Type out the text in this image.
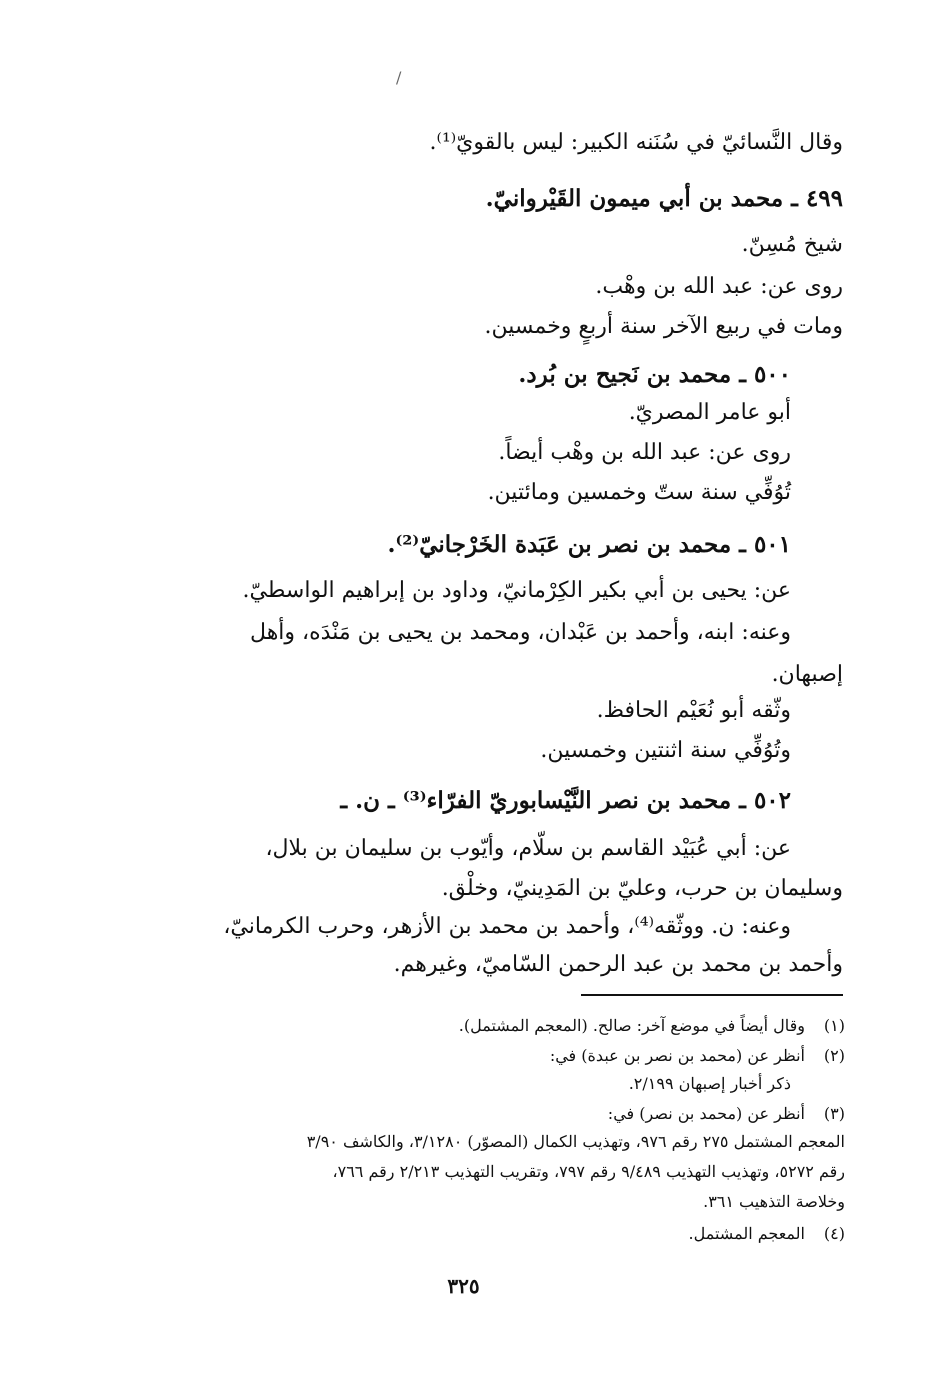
/
وقال النَّسائيّ في سُنَنه الكبير: ليس بالقويّ⁽¹⁾.
٤٩٩ ـ محمد بن أبي ميمون القَيْروانيّ.
شيخ مُسِنّ.
روى عن: عبد الله بن وهْب.
ومات في ربيع الآخر سنة أربعٍ وخمسين.
٥٠٠ ـ محمد بن نَجيح بن بُرد.
أبو عامر المصريّ.
روى عن: عبد الله بن وهْب أيضاً.
تُوُفِّي سنة ستّ وخمسين ومائتين.
٥٠١ ـ محمد بن نصر بن عَبَدة الخَرْجانيّ⁽²⁾.
عن: يحيى بن أبي بكير الكِرْمانيّ، وداود بن إبراهيم الواسطيّ.
وعنه: ابنه، وأحمد بن عَبْدان، ومحمد بن يحيى بن مَنْدَه، وأهل
إصبهان.
وثّقه أبو نُعَيْم الحافظ.
وتُوُفِّي سنة اثنتين وخمسين.
٥٠٢ ـ محمد بن نصر النَّيْسابوريّ الفرّاء⁽³⁾ ـ ن. ـ
عن: أبي عُبَيْد القاسم بن سلّام، وأيّوب بن سليمان بن بلال،
وسليمان بن حرب، وعليّ بن المَدِينيّ، وخلْق.
وعنه: ن. ووثّقه⁽⁴⁾، وأحمد بن محمد بن الأزهر، وحرب الكرمانيّ،
وأحمد بن محمد بن عبد الرحمن السّاميّ، وغيرهم.
(١)وقال أيضاً في موضع آخر: صالح. (المعجم المشتمل).
(٢)أنظر عن (محمد بن نصر بن عبدة) في:
ذكر أخبار إصبهان ٢/١٩٩.
(٣)أنظر عن (محمد بن نصر) في:
المعجم المشتمل ٢٧٥ رقم ٩٧٦، وتهذيب الكمال (المصوّر) ٣/١٢٨٠، والكاشف ٣/٩٠
رقم ٥٢٧٢، وتهذيب التهذيب ٩/٤٨٩ رقم ٧٩٧، وتقريب التهذيب ٢/٢١٣ رقم ٧٦٦،
وخلاصة التذهيب ٣٦١.
(٤)المعجم المشتمل.
٣٢٥
